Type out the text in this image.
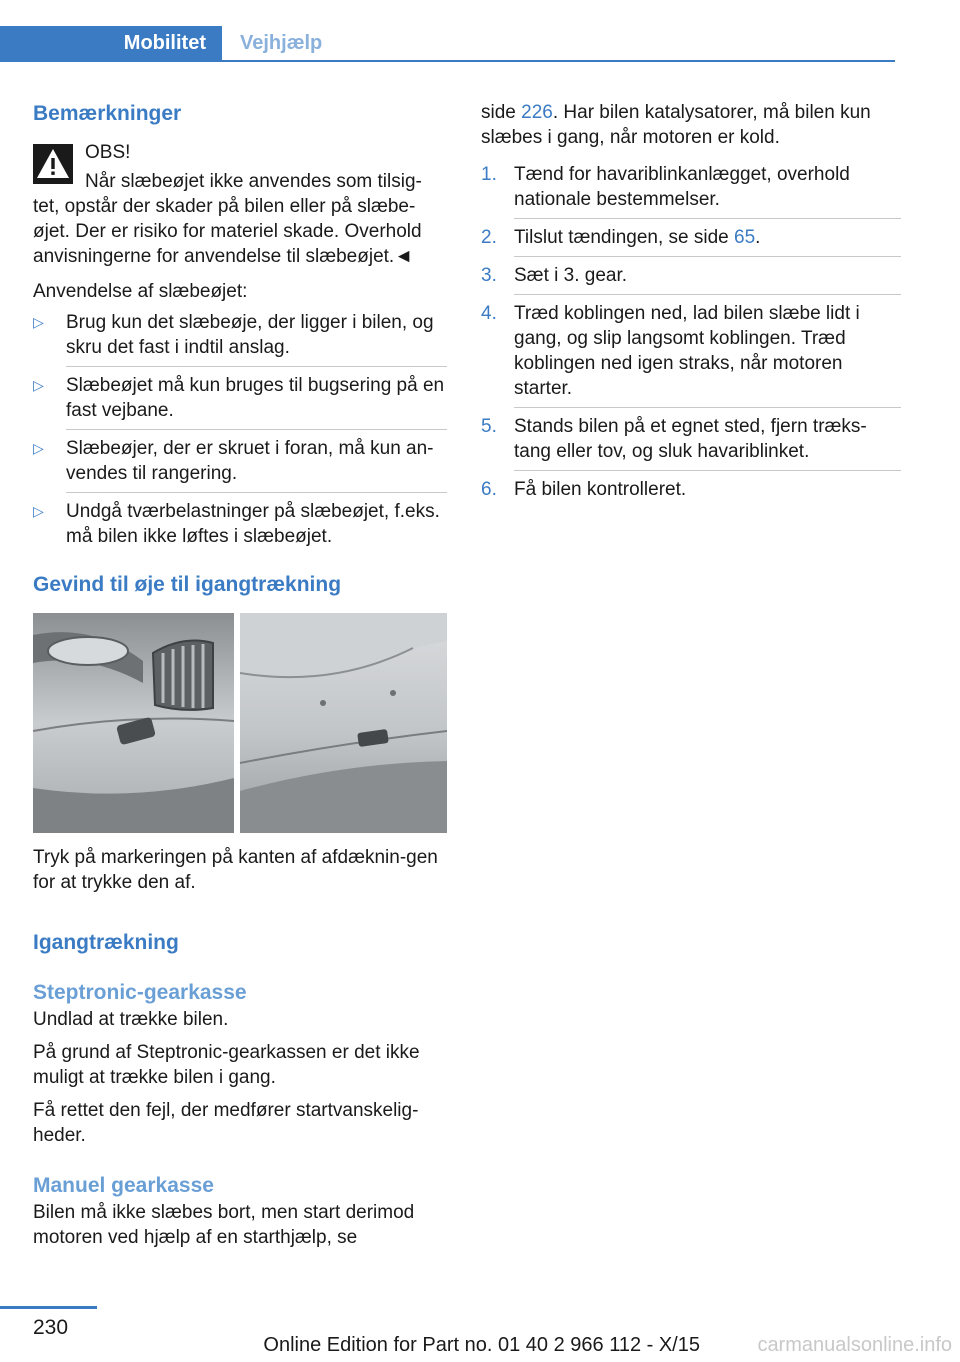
Mobilitet	Vejhjælp
Bemærkninger

OBS!

Når slæbeøjet ikke anvendes som tilsig-tet, opstår der skader på bilen eller på slæbe-øjet. Der er risiko for materiel skade. Overhold anvisningerne for anvendelse til slæbeøjet.◄

Anvendelse af slæbeøjet:

▷ Brug kun det slæbeøje, der ligger i bilen, og skru det fast i indtil anslag.
▷ Slæbeøjet må kun bruges til bugsering på en fast vejbane.
▷ Slæbeøjer, der er skruet i foran, må kun an-vendes til rangering.
▷ Undgå tværbelastninger på slæbeøjet, f.eks. må bilen ikke løftes i slæbeøjet.
Gevind til øje til igangtrækning

Tryk på markeringen på kanten af afdæknin-gen for at trykke den af.

Igangtrækning
Steptronic-gearkasse

Undlad at trække bilen.

På grund af Steptronic-gearkassen er det ikke muligt at trække bilen i gang.

Få rettet den fejl, der medfører startvanskelig-heder.

Manuel gearkasse

Bilen må ikke slæbes bort, men start derimod motoren ved hjælp af en starthjælp, se

side 226. Har bilen katalysatorer, må bilen kun slæbes i gang, når motoren er kold.

1. Tænd for havariblinkanlægget, overhold nationale bestemmelser.
2. Tilslut tændingen, se side 65.
3. Sæt i 3. gear.
4. Træd koblingen ned, lad bilen slæbe lidt i gang, og slip langsomt koblingen. Træd koblingen ned igen straks, når motoren starter.
5. Stands bilen på et egnet sted, fjern træks-tang eller tov, og sluk havariblinket.
6. Få bilen kontrolleret.
230
Online Edition for Part no. 01 40 2 966 112 - X/15	carmanualsonline.info
